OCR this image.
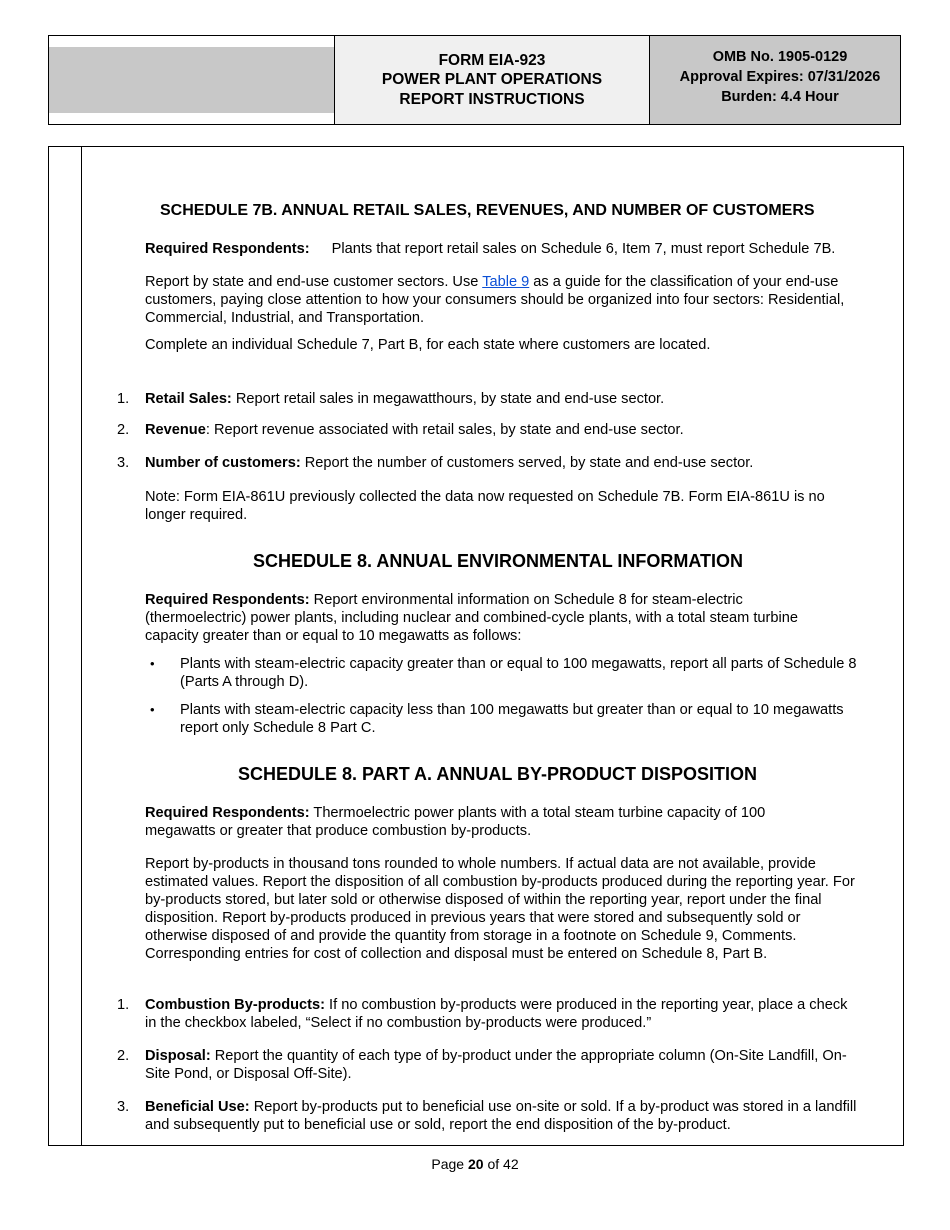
FORM EIA-923
POWER PLANT OPERATIONS
REPORT INSTRUCTIONS
OMB No. 1905-0129
Approval Expires: 07/31/2026
Burden: 4.4 Hour
SCHEDULE 7B. ANNUAL RETAIL SALES, REVENUES, AND NUMBER OF CUSTOMERS
Required Respondents: Plants that report retail sales on Schedule 6, Item 7, must report Schedule 7B.
Report by state and end-use customer sectors. Use Table 9 as a guide for the classification of your end-use customers, paying close attention to how your consumers should be organized into four sectors: Residential, Commercial, Industrial, and Transportation.
Complete an individual Schedule 7, Part B, for each state where customers are located.
1. Retail Sales: Report retail sales in megawatthours, by state and end-use sector.
2. Revenue: Report revenue associated with retail sales, by state and end-use sector.
3. Number of customers: Report the number of customers served, by state and end-use sector.
Note: Form EIA-861U previously collected the data now requested on Schedule 7B. Form EIA-861U is no longer required.
SCHEDULE 8. ANNUAL ENVIRONMENTAL INFORMATION
Required Respondents: Report environmental information on Schedule 8 for steam-electric (thermoelectric) power plants, including nuclear and combined-cycle plants, with a total steam turbine capacity greater than or equal to 10 megawatts as follows:
• Plants with steam-electric capacity greater than or equal to 100 megawatts, report all parts of Schedule 8 (Parts A through D).
• Plants with steam-electric capacity less than 100 megawatts but greater than or equal to 10 megawatts report only Schedule 8 Part C.
SCHEDULE 8. PART A. ANNUAL BY-PRODUCT DISPOSITION
Required Respondents: Thermoelectric power plants with a total steam turbine capacity of 100 megawatts or greater that produce combustion by-products.
Report by-products in thousand tons rounded to whole numbers. If actual data are not available, provide estimated values. Report the disposition of all combustion by-products produced during the reporting year. For by-products stored, but later sold or otherwise disposed of within the reporting year, report under the final disposition. Report by-products produced in previous years that were stored and subsequently sold or otherwise disposed of and provide the quantity from storage in a footnote on Schedule 9, Comments. Corresponding entries for cost of collection and disposal must be entered on Schedule 8, Part B.
1. Combustion By-products: If no combustion by-products were produced in the reporting year, place a check in the checkbox labeled, “Select if no combustion by-products were produced.”
2. Disposal: Report the quantity of each type of by-product under the appropriate column (On-Site Landfill, On-Site Pond, or Disposal Off-Site).
3. Beneficial Use: Report by-products put to beneficial use on-site or sold. If a by-product was stored in a landfill and subsequently put to beneficial use or sold, report the end disposition of the by-product.
Page 20 of 42
